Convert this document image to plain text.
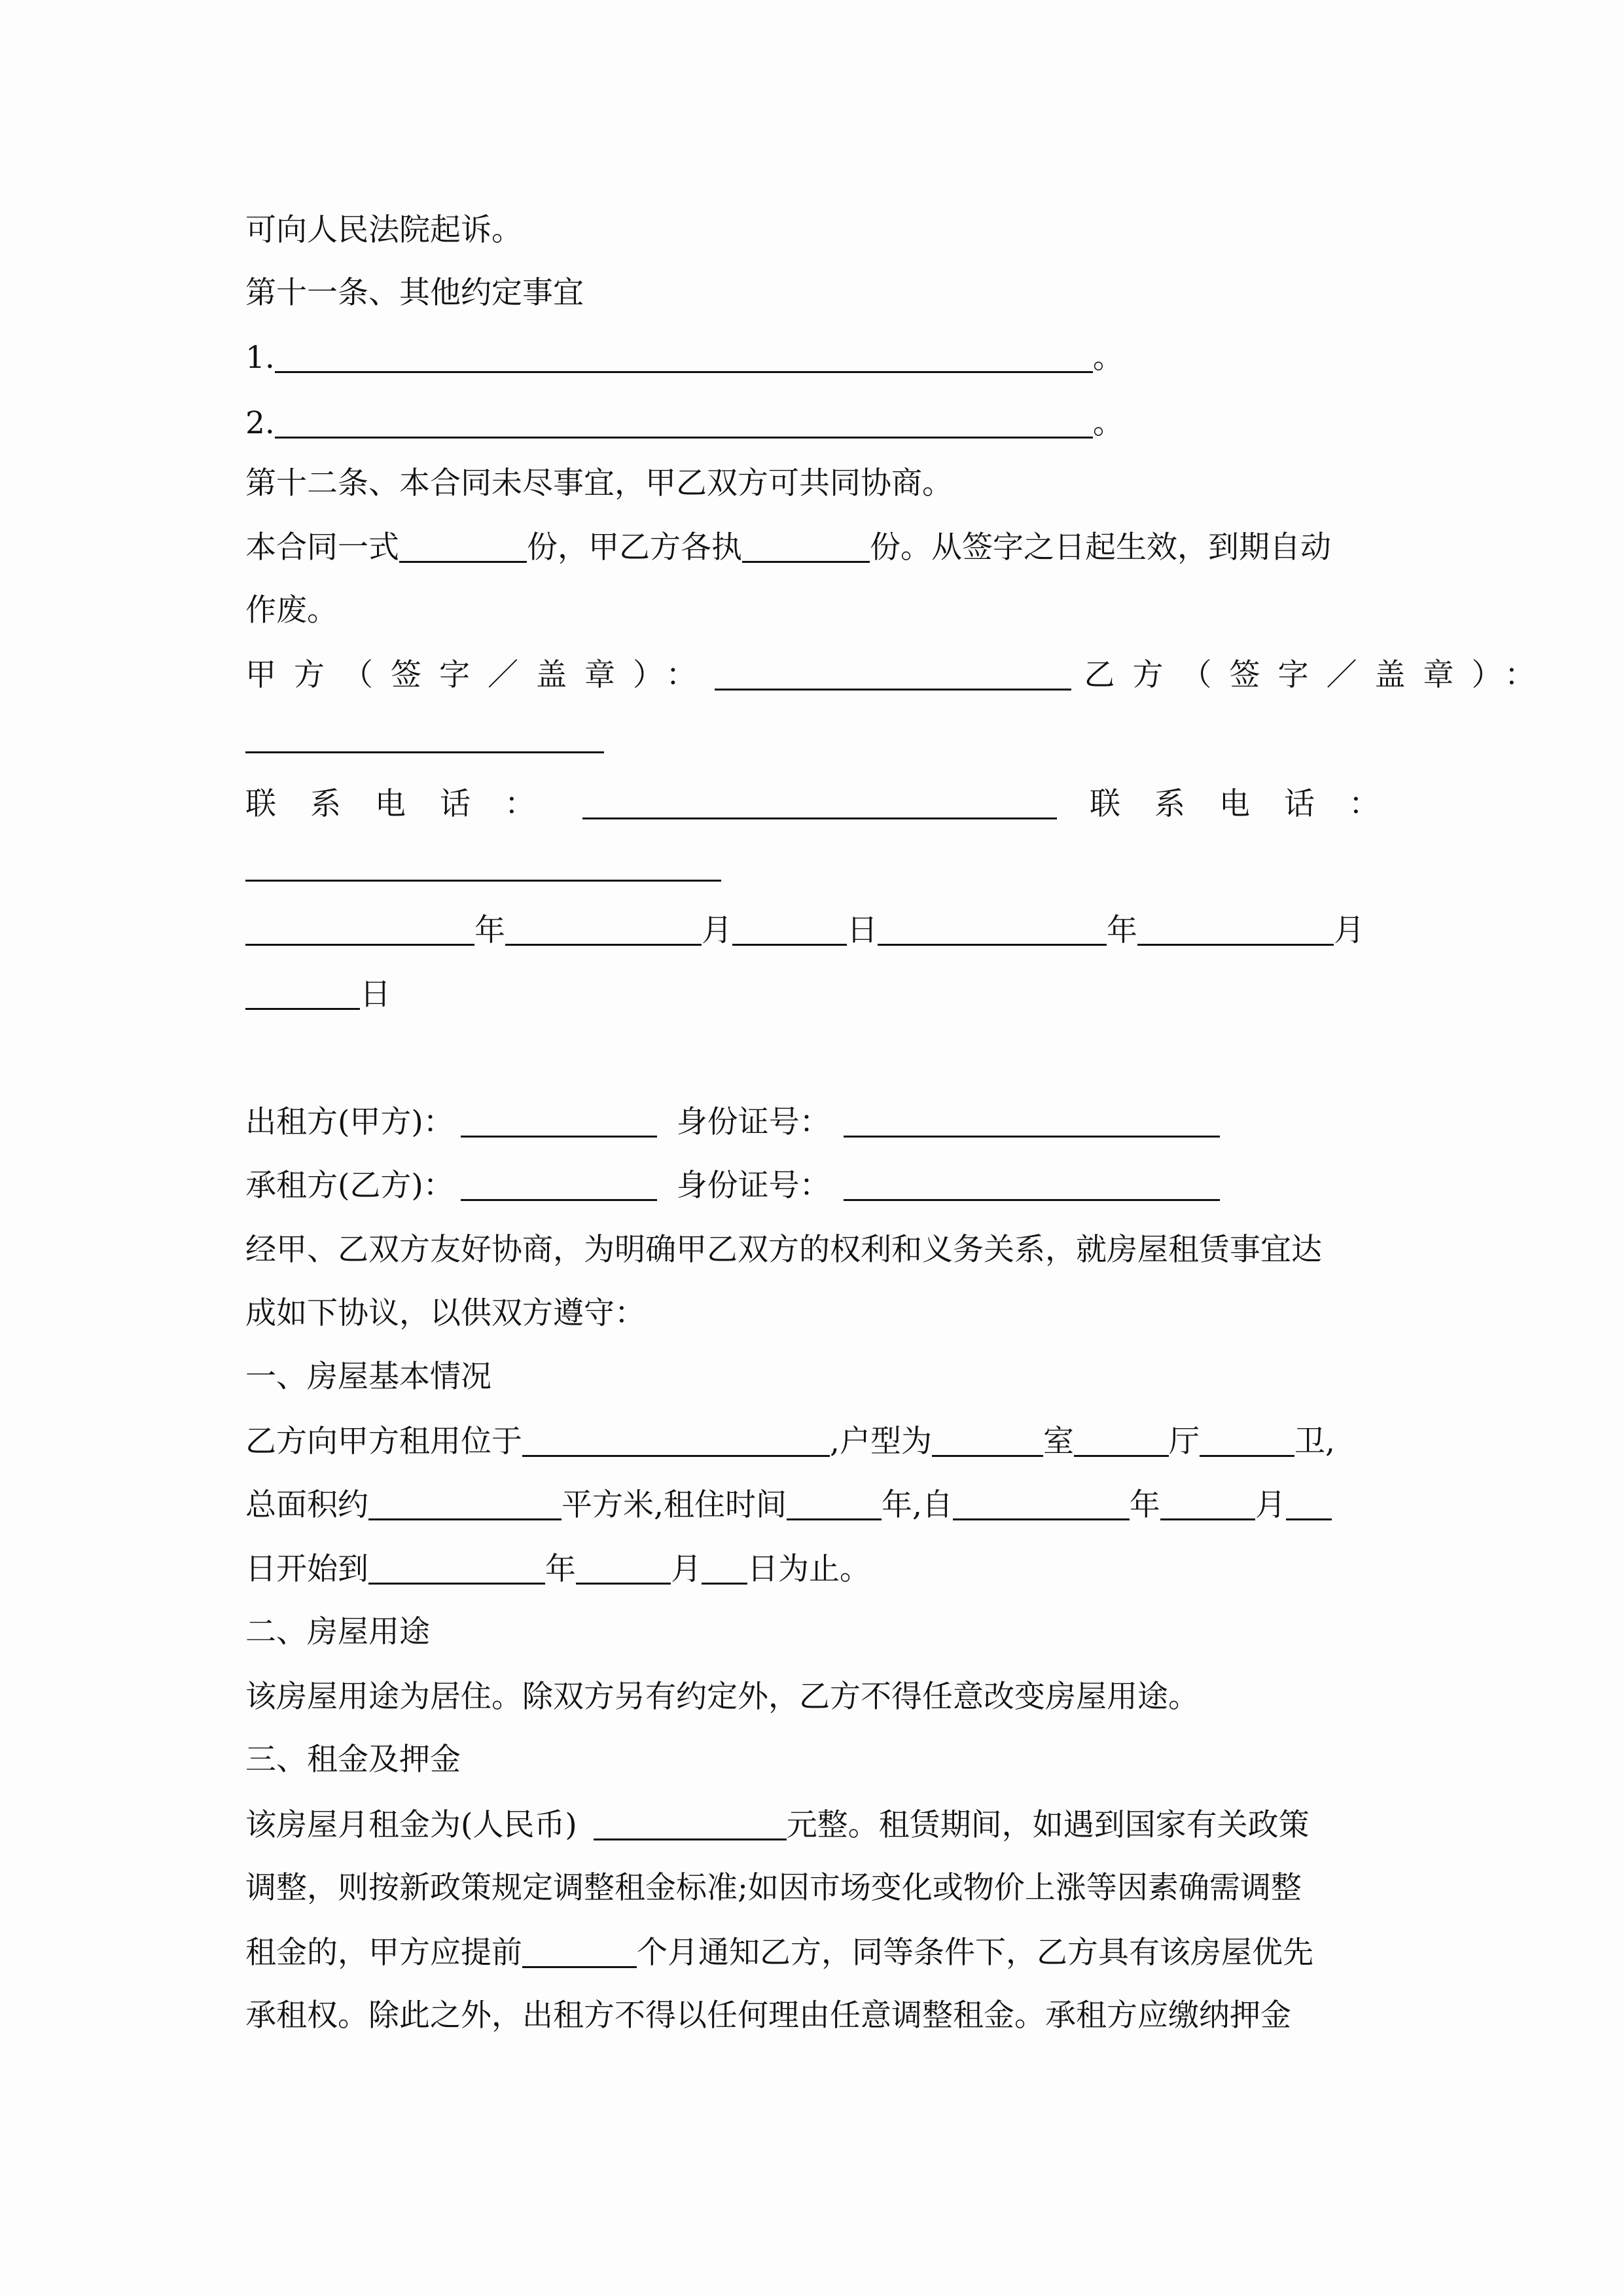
可向人民法院起诉。
第十一条、其他约定事宜
1.	。
2.	。
第十二条、本合同未尽事宜，甲乙双方可共同协商。
本合同一式	份，甲乙方各执	份。从签字之日起生效，到期自动
作废。
甲方（签字／盖章）：	乙方（签字／盖章）：
联系电话：	联系电话：
年	月	日	年	月
日
出租方(甲方)：	身份证号：
承租方(乙方)：	身份证号：
经甲、乙双方友好协商，为明确甲乙双方的权利和义务关系，就房屋租赁事宜达
成如下协议，以供双方遵守：
一、房屋基本情况
乙方向甲方租用位于	,户型为	室	厅	卫,
总面积约	平方米,租住时间	年,自	年	月
日开始到	年	月 日为止。
二、房屋用途
该房屋用途为居住。除双方另有约定外，乙方不得任意改变房屋用途。
三、租金及押金
该房屋月租金为(人民币)	元整。租赁期间，如遇到国家有关政策
调整，则按新政策规定调整租金标准;如因市场变化或物价上涨等因素确需调整
租金的，甲方应提前	个月通知乙方，同等条件下，乙方具有该房屋优先
承租权。除此之外，出租方不得以任何理由任意调整租金。承租方应缴纳押金
